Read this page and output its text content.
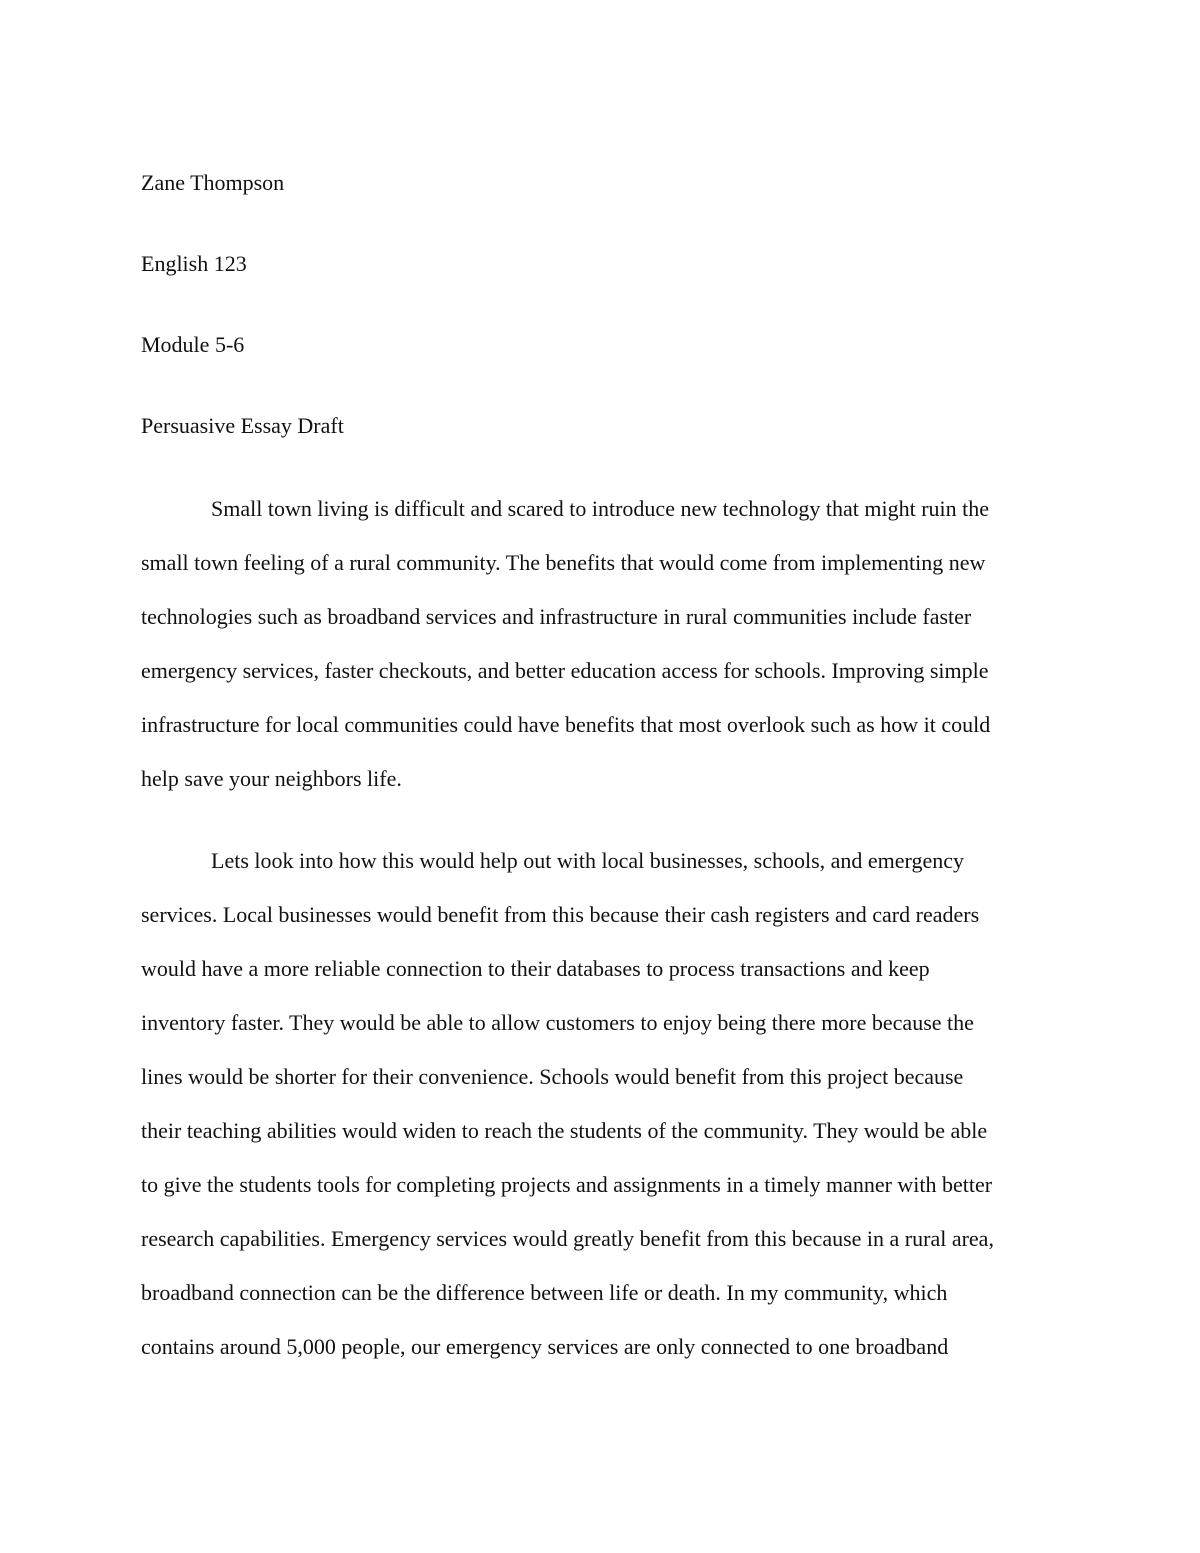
Zane Thompson

English 123

Module 5-6

Persuasive Essay Draft

Small town living is difficult and scared to introduce new technology that might ruin the

small town feeling of a rural community. The benefits that would come from implementing new

technologies such as broadband services and infrastructure in rural communities include faster

emergency services, faster checkouts, and better education access for schools. Improving simple

infrastructure for local communities could have benefits that most overlook such as how it could

help save your neighbors life.

Lets look into how this would help out with local businesses, schools, and emergency

services. Local businesses would benefit from this because their cash registers and card readers

would have a more reliable connection to their databases to process transactions and keep

inventory faster. They would be able to allow customers to enjoy being there more because the

lines would be shorter for their convenience. Schools would benefit from this project because

their teaching abilities would widen to reach the students of the community. They would be able

to give the students tools for completing projects and assignments in a timely manner with better

research capabilities. Emergency services would greatly benefit from this because in a rural area,

broadband connection can be the difference between life or death. In my community, which

contains around 5,000 people, our emergency services are only connected to one broadband
